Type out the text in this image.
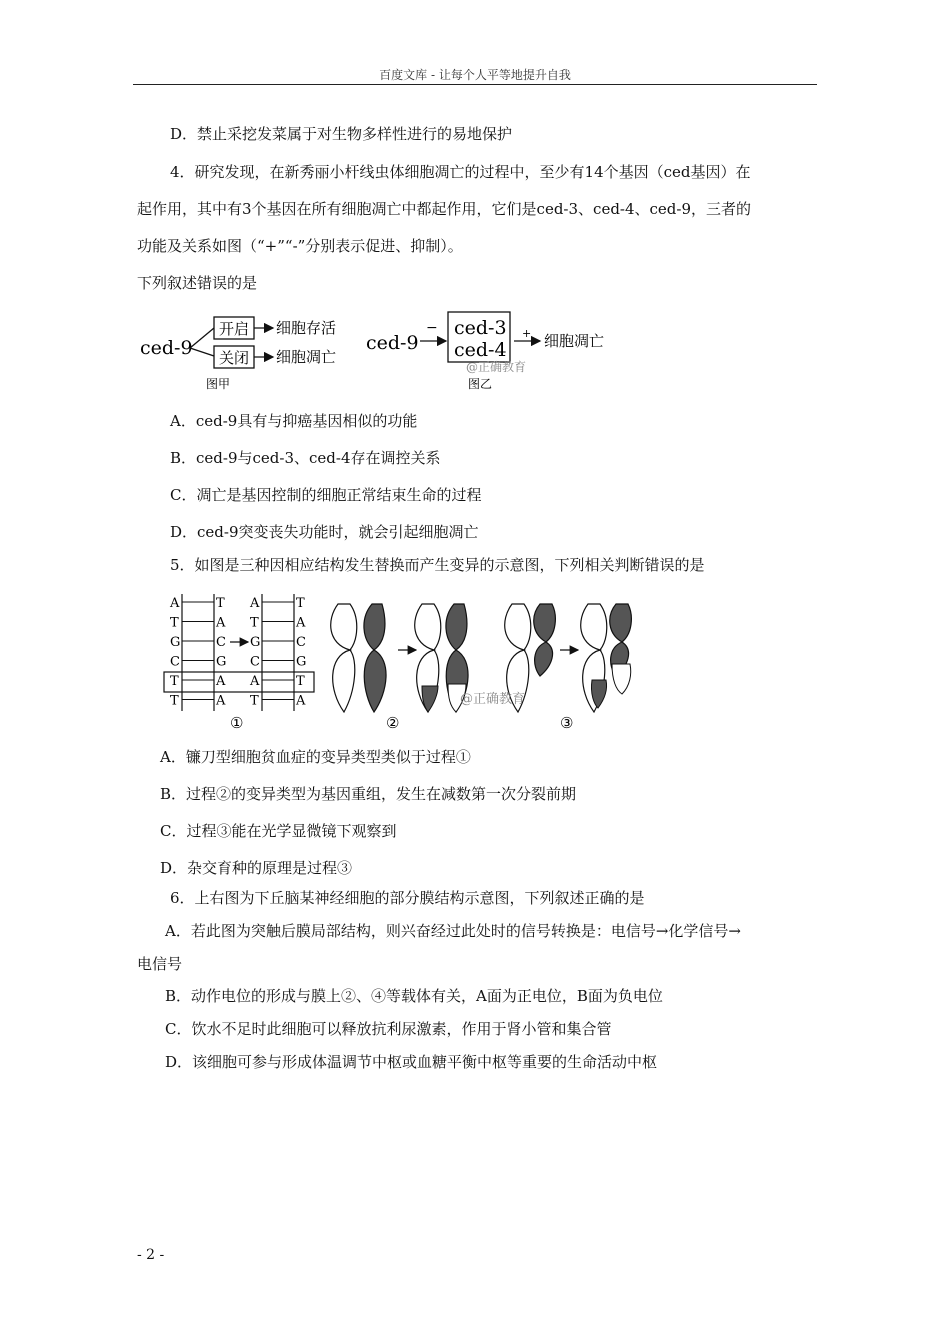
百度文库 - 让每个人平等地提升自我
D．禁止采挖发菜属于对生物多样性进行的易地保护
4．研究发现，在新秀丽小杆线虫体细胞凋亡的过程中，至少有14个基因（ced基因）在
起作用，其中有3个基因在所有细胞凋亡中都起作用，它们是ced-3、ced-4、ced-9，三者的
功能及关系如图（“+”“-”分别表示促进、抑制）。
下列叙述错误的是
ced-9
开启
关闭
细胞存活
细胞凋亡
图甲
ced-9
− ced-3
ced-4
+ 细胞凋亡
@正确教育
图乙
A．ced-9具有与抑癌基因相似的功能
B．ced-9与ced-3、ced-4存在调控关系
C．凋亡是基因控制的细胞正常结束生命的过程
D．ced-9突变丧失功能时，就会引起细胞凋亡
5．如图是三种因相应结构发生替换而产生变异的示意图，下列相关判断错误的是
A	T
T	A
G	C
C	G
T	A
T	A
A	T
T	A
G	C
C	G
A	T
T	A	@正确教育
①	②	③
A．镰刀型细胞贫血症的变异类型类似于过程①
B．过程②的变异类型为基因重组，发生在减数第一次分裂前期
C．过程③能在光学显微镜下观察到
D．杂交育种的原理是过程③
6．上右图为下丘脑某神经细胞的部分膜结构示意图，下列叙述正确的是
A．若此图为突触后膜局部结构，则兴奋经过此处时的信号转换是：电信号→化学信号→
电信号
B．动作电位的形成与膜上②、④等载体有关，A面为正电位，B面为负电位
C．饮水不足时此细胞可以释放抗利尿激素，作用于肾小管和集合管
D．该细胞可参与形成体温调节中枢或血糖平衡中枢等重要的生命活动中枢
- 2 -
